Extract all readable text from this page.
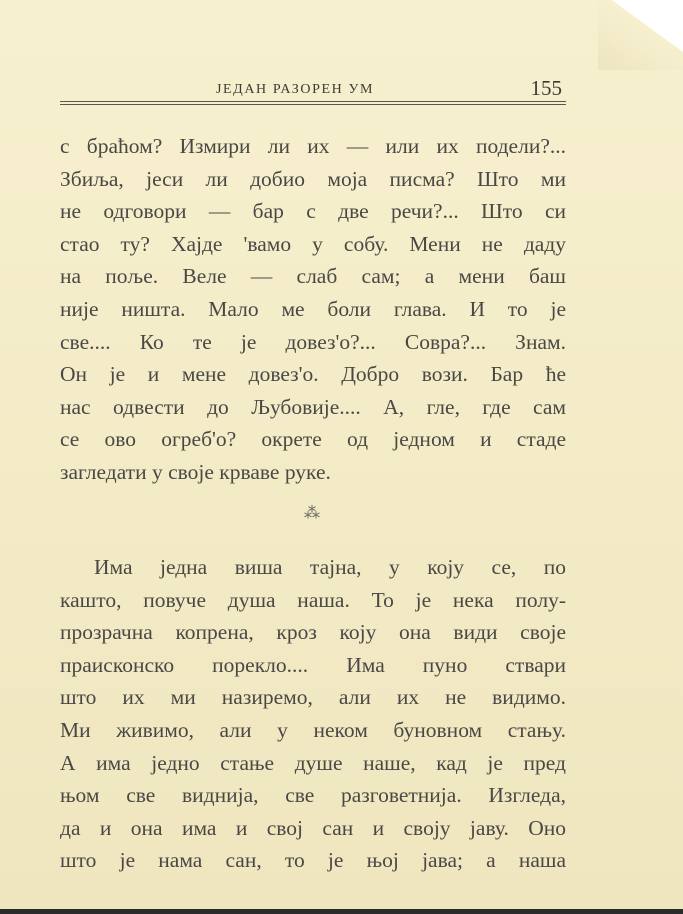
ЈЕДАН РАЗОРЕН УМ	155
с браћом? Измири ли их — или их подели?...
Збиља, јеси ли добио моја писма? Што ми
не одговори — бар с две речи?... Што си
стао ту? Хајде 'вамо у собу. Мени не даду
на поље. Веле — слаб сам; а мени баш
није ништа. Мало ме боли глава. И то је
све.... Ко те је довез'о?... Совра?... Знам.
Он је и мене довез'о. Добро вози. Бар ће
нас одвести до Љубовије.... А, гле, где сам
се ово огреб'о? окрете од једном и стаде
загледати у своје крваве руке.
⁂
Има једна виша тајна, у коју се, по
кашто, повуче душа наша. То је нека полу-
прозрачна копрена, кроз коју она види своје
праисконско порекло.... Има пуно ствари
што их ми назиремо, али их не видимо.
Ми живимо, али у неком буновном стању.
А има једно стање душе наше, кад је пред
њом све виднија, све разговетнија. Изгледа,
да и она има и свој сан и своју јаву. Оно
што је нама сан, то је њој јава; а наша
